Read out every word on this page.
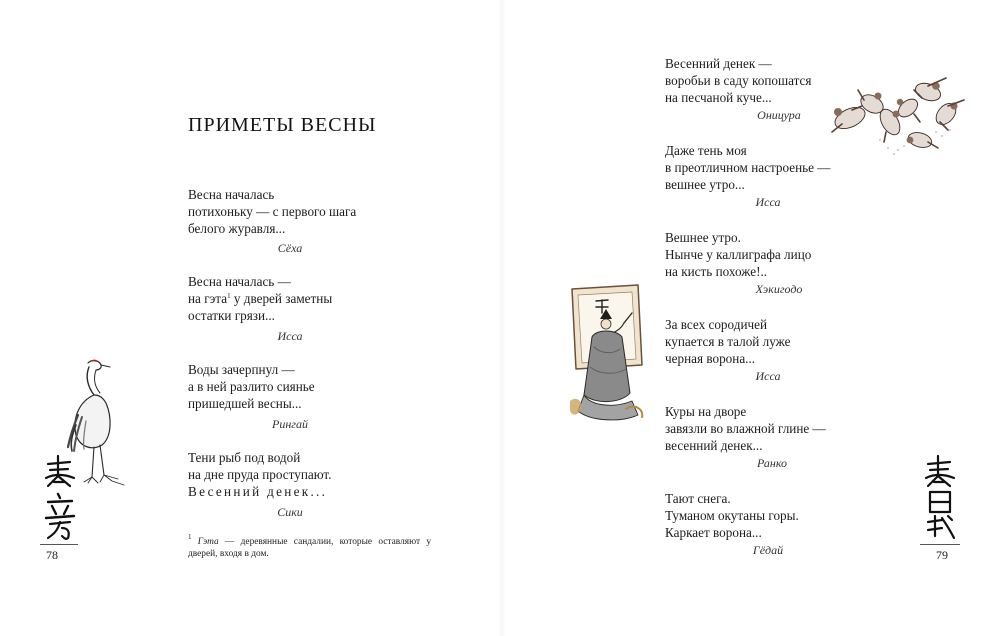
ПРИМЕТЫ ВЕСНЫ
Весна началась
потихоньку — с первого шага
белого журавля...
Сёха
Весна началась —
на гэта$^1$ у дверей заметны
остатки грязи...
Исса
Воды зачерпнул —
а в ней разлито сиянье
пришедшей весны...
Рингай
Тени рыб под водой
на дне пруда проступают.
Весенний денек...
Сики
$^1$ Гэта — деревянные сандалии, которые оставляют у дверей, входя в дом.
78
Весенний денек —
воробьи в саду копошатся
на песчаной куче...
Оницура
Даже тень моя
в преотличном настроенье —
вешнее утро...
Исса
Вешнее утро.
Нынче у каллиграфа лицо
на кисть похоже!..
Хэкигодо
За всех сородичей
купается в талой луже
черная ворона...
Исса
Куры на дворе
завязли во влажной глине —
весенний денек...
Ранко
Тают снега.
Туманом окутаны горы.
Каркает ворона...
Гёдай	79
